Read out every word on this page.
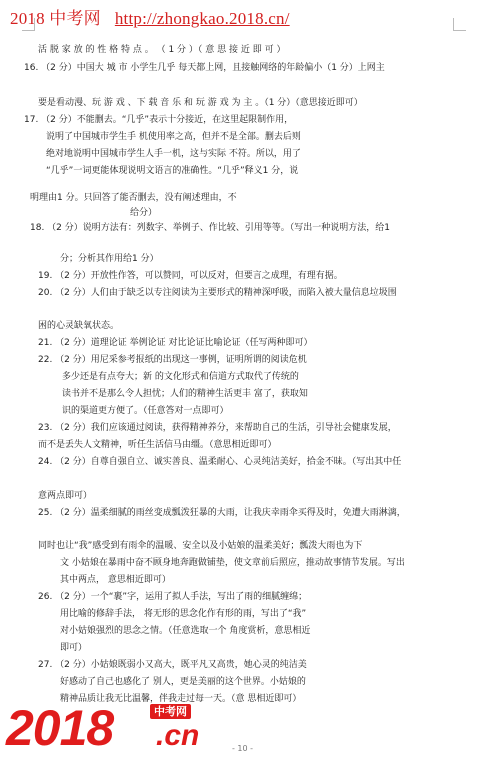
2018 中考网 http://zhongkao.2018.cn/
活 脱 家 放 的 性 格 特 点 。 （ 1 分 ）（ 意 思 接 近 即 可 ）
16. （2 分）中国大 城 市 小学生几乎 每天都上网，且接触网络的年龄偏小（1 分）上网主
要是看动漫、玩 游 戏 、下 载 音 乐 和 玩 游 戏 为 主 。（1 分）（意思接近即可）
17. （2 分）不能删去。“几乎”表示十分接近，在这里起限制作用，
说明了中国城市学生手 机使用率之高，但并不是全部。删去后则
绝对地说明中国城市学生人手一机，这与实际 不符。所以，用了
“几乎”一词更能体现说明文语言的准确性。“几乎”释义1 分，说
明理由1 分。只回答了能否删去，没有阐述理由，不
给分）
18. （2 分）说明方法有：列数字、举例子、作比较、引用等等。（写出一种说明方法，给1
分；分析其作用给1 分）
19. （2 分）开放性作答，可以赞同，可以反对，但要言之成理，有理有据。
20. （2 分）人们由于缺乏以专注阅读为主要形式的精神深呼吸，而陷入被大量信息垃圾围
困的心灵缺氧状态。
21. （2 分）道理论证 举例论证 对比论证比喻论证（任写两种即可）
22. （2 分）用尼采参考报纸的出现这一事例，证明所谓的阅读危机
多少还是有点夸大；新 的文化形式和信道方式取代了传统的
读书并不是那么令人担忧；人们的精神生活更丰 富了，获取知
识的渠道更方便了。（任意答对一点即可）
23. （2 分）我们应该通过阅读，获得精神养分，来帮助自己的生活，引导社会健康发展，
而不是丢失人文精神，听任生活信马由缰。（意思相近即可）
24. （2 分）自尊自强自立、诚实善良、温柔耐心、心灵纯洁美好，拾金不昧。（写出其中任
意两点即可）
25. （2 分）温柔细腻的雨丝变成瓢泼狂暴的大雨，让我庆幸雨伞买得及时，免遭大雨淋漓，
同时也让“我”感受到有雨伞的温暖、安全以及小姑娘的温柔美好；瓢泼大雨也为下
文 小姑娘在暴雨中奋不顾身地奔跑做铺垫，使文章前后照应，推动故事情节发展。写出
其中两点， 意思相近即可）
26. （2 分）一个“裹”字，运用了拟人手法，写出了雨的细腻缠绵；
用比喻的修辞手法， 将无形的思念化作有形的雨，写出了“我”
对小姑娘强烈的思念之情。（任意选取一个 角度赏析，意思相近
即可）
27. （2 分）小姑娘既弱小又高大，既平凡又高贵，她心灵的纯洁美
好感动了自己也感化了 别人，更是美丽的这个世界。小姑娘的
精神品质让我无比温馨，伴我走过每一天。（意 思相近即可）
2018	中考网
.cn	- 10 -
